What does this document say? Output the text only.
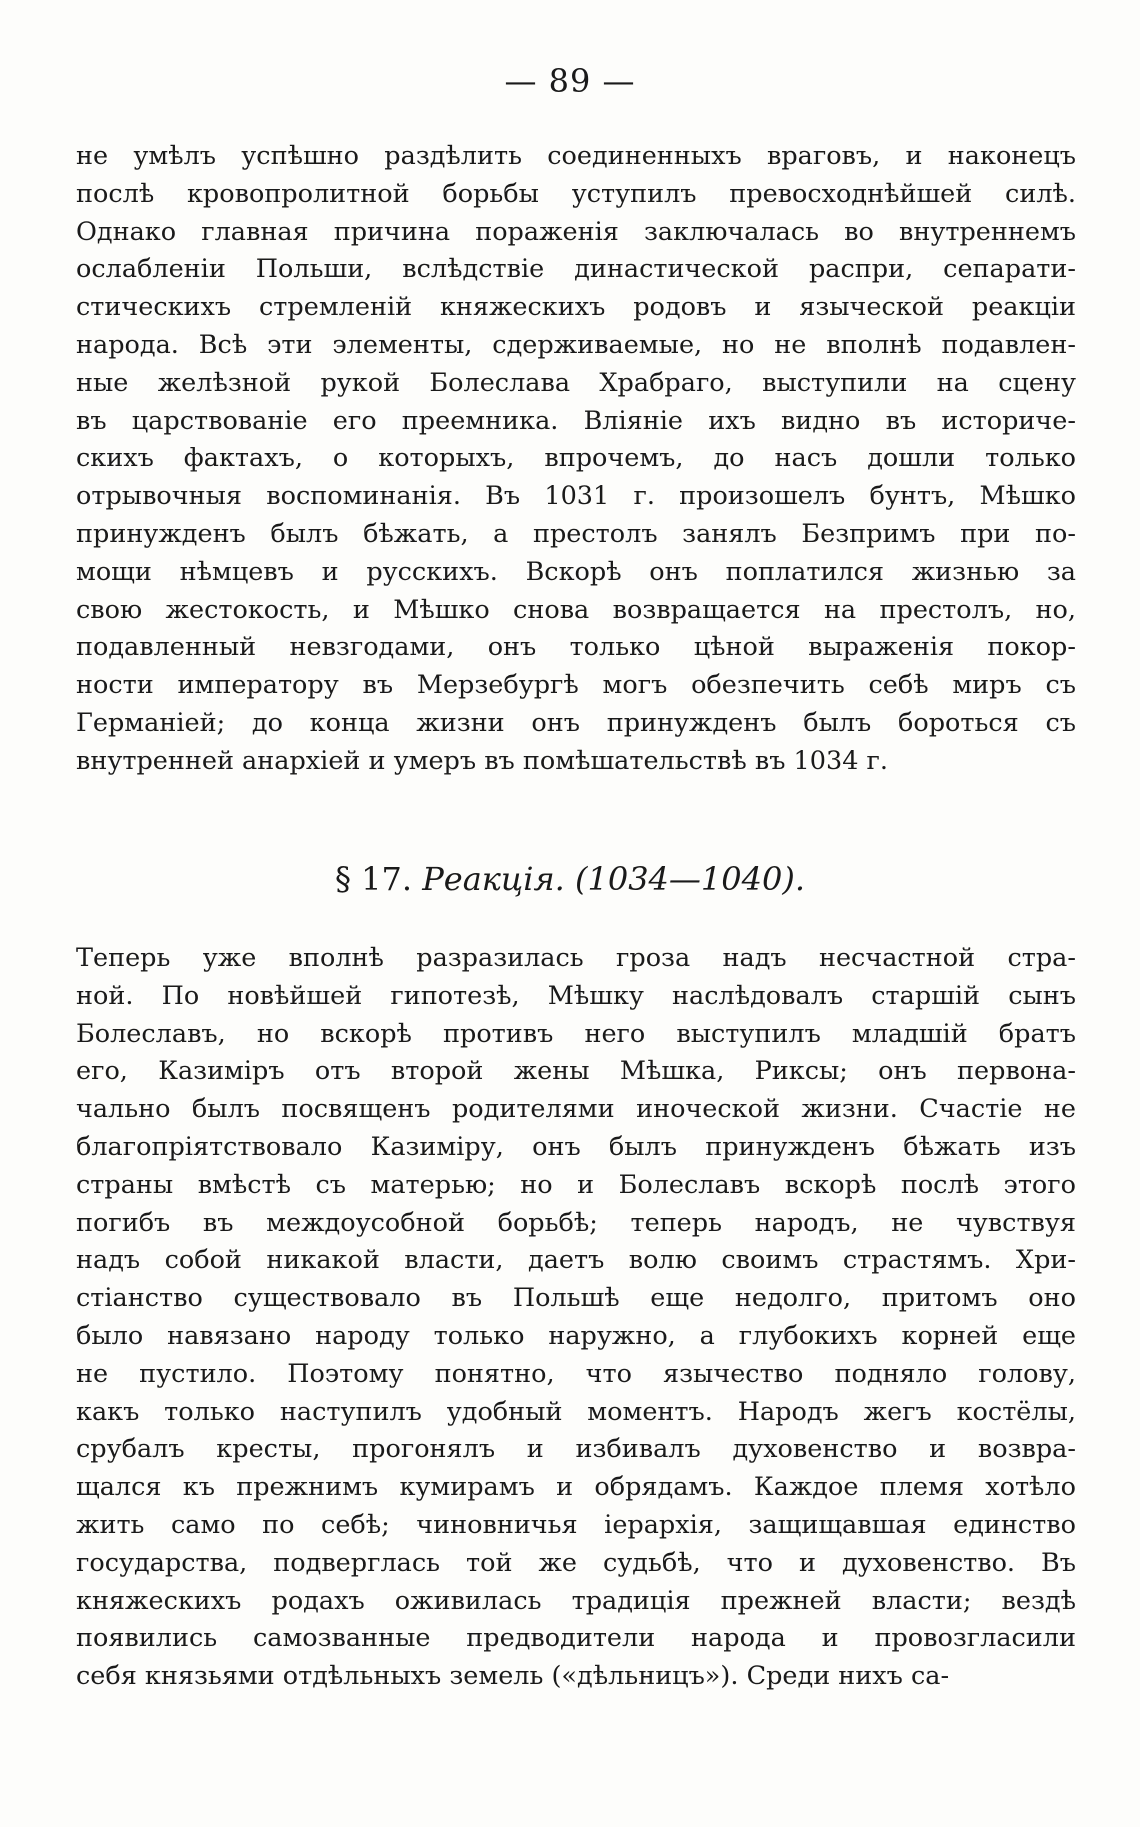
— 89 —
не умѣлъ успѣшно раздѣлить соединенныхъ враговъ, и наконецъ
послѣ кровопролитной борьбы уступилъ превосходнѣйшей силѣ.
Однако главная причина пораженія заключалась во внутреннемъ
ослабленіи Польши, вслѣдствіе династической распри, сепарати-
стическихъ стремленій княжескихъ родовъ и языческой реакціи
народа. Всѣ эти элементы, сдерживаемые, но не вполнѣ подавлен-
ные желѣзной рукой Болеслава Храбраго, выступили на сцену
въ царствованіе его преемника. Вліяніе ихъ видно въ историче-
скихъ фактахъ, о которыхъ, впрочемъ, до насъ дошли только
отрывочныя воспоминанія. Въ 1031 г. произошелъ бунтъ, Мѣшко
принужденъ былъ бѣжать, а престолъ занялъ Безпримъ при по-
мощи нѣмцевъ и русскихъ. Вскорѣ онъ поплатился жизнью за
свою жестокость, и Мѣшко снова возвращается на престолъ, но,
подавленный невзгодами, онъ только цѣной выраженія покор-
ности императору въ Мерзебургѣ могъ обезпечить себѣ миръ съ
Германіей; до конца жизни онъ принужденъ былъ бороться съ
внутренней анархіей и умеръ въ помѣшательствѣ въ 1034 г.
§ 17. Реакція. (1034—1040).
Теперь уже вполнѣ разразилась гроза надъ несчастной стра-
ной. По новѣйшей гипотезѣ, Мѣшку наслѣдовалъ старшій сынъ
Болеславъ, но вскорѣ противъ него выступилъ младшій братъ
его, Казиміръ отъ второй жены Мѣшка, Риксы; онъ первона-
чально былъ посвященъ родителями иноческой жизни. Счастіе не
благопріятствовало Казиміру, онъ былъ принужденъ бѣжать изъ
страны вмѣстѣ съ матерью; но и Болеславъ вскорѣ послѣ этого
погибъ въ междоусобной борьбѣ; теперь народъ, не чувствуя
надъ собой никакой власти, даетъ волю своимъ страстямъ. Хри-
стіанство существовало въ Польшѣ еще недолго, притомъ оно
было навязано народу только наружно, а глубокихъ корней еще
не пустило. Поэтому понятно, что язычество подняло голову,
какъ только наступилъ удобный моментъ. Народъ жегъ костёлы,
срубалъ кресты, прогонялъ и избивалъ духовенство и возвра-
щался къ прежнимъ кумирамъ и обрядамъ. Каждое племя хотѣло
жить само по себѣ; чиновничья іерархія, защищавшая единство
государства, подверглась той же судьбѣ, что и духовенство. Въ
княжескихъ родахъ оживилась традиція прежней власти; вездѣ
появились самозванные предводители народа и провозгласили
себя князьями отдѣльныхъ земель («дѣльницъ»). Среди нихъ са-
